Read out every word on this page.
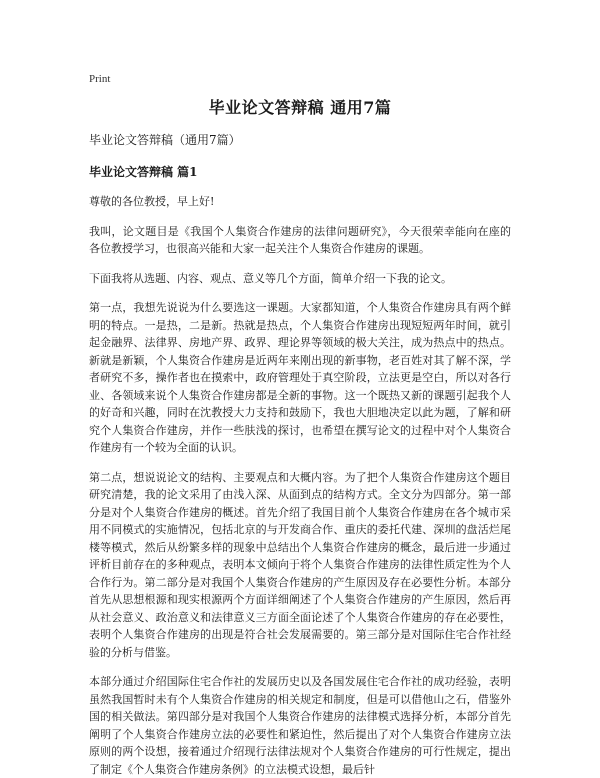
Print
毕业论文答辩稿 通用7篇
毕业论文答辩稿（通用7篇）
毕业论文答辩稿 篇1

尊敬的各位教授，早上好!

我叫，论文题目是《我国个人集资合作建房的法律问题研究》，今天很荣幸能向在座的各位教授学习，也很高兴能和大家一起关注个人集资合作建房的课题。

下面我将从选题、内容、观点、意义等几个方面，简单介绍一下我的论文。

第一点，我想先说说为什么要选这一课题。大家都知道，个人集资合作建房具有两个鲜明的特点。一是热，二是新。热就是热点，个人集资合作建房出现短短两年时间，就引起金融界、法律界、房地产界、政界、理论界等领域的极大关注，成为热点中的热点。新就是新颖，个人集资合作建房是近两年来刚出现的新事物，老百姓对其了解不深，学者研究不多，操作者也在摸索中，政府管理处于真空阶段，立法更是空白，所以对各行业、各领域来说个人集资合作建房都是全新的事物。这一个既热又新的课题引起我个人的好奇和兴趣，同时在沈教授大力支持和鼓励下，我也大胆地决定以此为题，了解和研究个人集资合作建房，并作一些肤浅的探讨，也希望在撰写论文的过程中对个人集资合作建房有一个较为全面的认识。

第二点，想说说论文的结构、主要观点和大概内容。为了把个人集资合作建房这个题目研究清楚，我的论文采用了由浅入深、从面到点的结构方式。全文分为四部分。第一部分是对个人集资合作建房的概述。首先介绍了我国目前个人集资合作建房在各个城市采用不同模式的实施情况，包括北京的与开发商合作、重庆的委托代建、深圳的盘活烂尾楼等模式，然后从纷繁多样的现象中总结出个人集资合作建房的概念，最后进一步通过评析目前存在的多种观点，表明本文倾向于将个人集资合作建房的法律性质定性为个人合作行为。第二部分是对我国个人集资合作建房的产生原因及存在必要性分析。本部分首先从思想根源和现实根源两个方面详细阐述了个人集资合作建房的产生原因，然后再从社会意义、政治意义和法律意义三方面全面论述了个人集资合作建房的存在必要性，表明个人集资合作建房的出现是符合社会发展需要的。第三部分是对国际住宅合作社经验的分析与借鉴。

本部分通过介绍国际住宅合作社的发展历史以及各国发展住宅合作社的成功经验，表明虽然我国暂时未有个人集资合作建房的相关规定和制度，但是可以借他山之石，借鉴外国的相关做法。第四部分是对我国个人集资合作建房的法律模式选择分析，本部分首先阐明了个人集资合作建房立法的必要性和紧迫性，然后提出了对个人集资合作建房立法原则的两个设想，接着通过介绍现行法律法规对个人集资合作建房的可行性规定，提出了制定《个人集资合作建房条例》的立法模式设想，最后针
